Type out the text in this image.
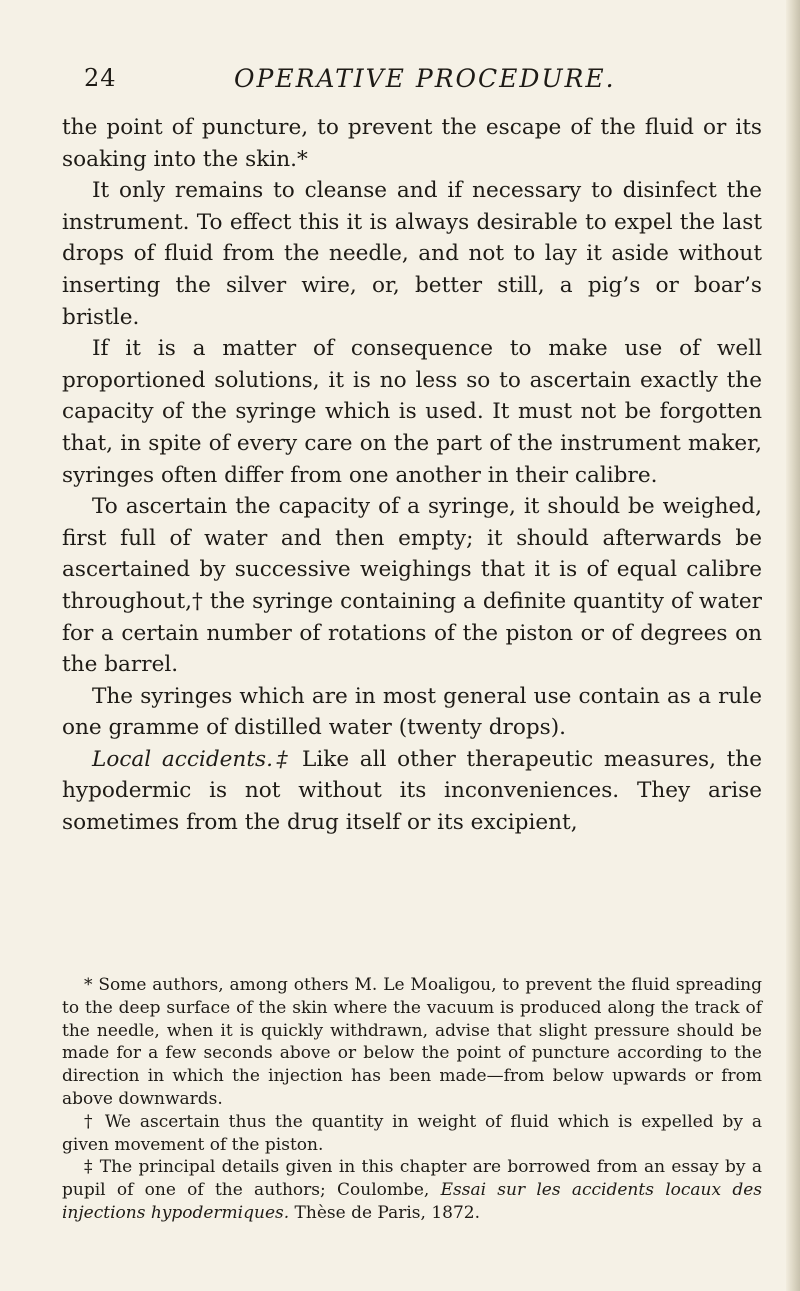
24	OPERATIVE PROCEDURE.

the point of puncture, to prevent the escape of the fluid or its soaking into the skin.*

It only remains to cleanse and if necessary to disinfect the instrument. To effect this it is always desirable to expel the last drops of fluid from the needle, and not to lay it aside without inserting the silver wire, or, better still, a pig’s or boar’s bristle.

If it is a matter of consequence to make use of well proportioned solutions, it is no less so to ascertain exactly the capacity of the syringe which is used. It must not be forgotten that, in spite of every care on the part of the instrument maker, syringes often differ from one another in their calibre.

To ascertain the capacity of a syringe, it should be weighed, first full of water and then empty; it should afterwards be ascertained by successive weighings that it is of equal calibre throughout,† the syringe containing a definite quantity of water for a certain number of rotations of the piston or of degrees on the barrel.

The syringes which are in most general use contain as a rule one gramme of distilled water (twenty drops).

Local accidents.‡ Like all other therapeutic measures, the hypodermic is not without its inconveniences. They arise sometimes from the drug itself or its excipient,

* Some authors, among others M. Le Moaligou, to prevent the fluid spreading to the deep surface of the skin where the vacuum is produced along the track of the needle, when it is quickly withdrawn, advise that slight pressure should be made for a few seconds above or below the point of puncture according to the direction in which the injection has been made—from below upwards or from above downwards.

† We ascertain thus the quantity in weight of fluid which is expelled by a given movement of the piston.

‡ The principal details given in this chapter are borrowed from an essay by a pupil of one of the authors; Coulombe, Essai sur les accidents locaux des injections hypodermiques. Thèse de Paris, 1872.
